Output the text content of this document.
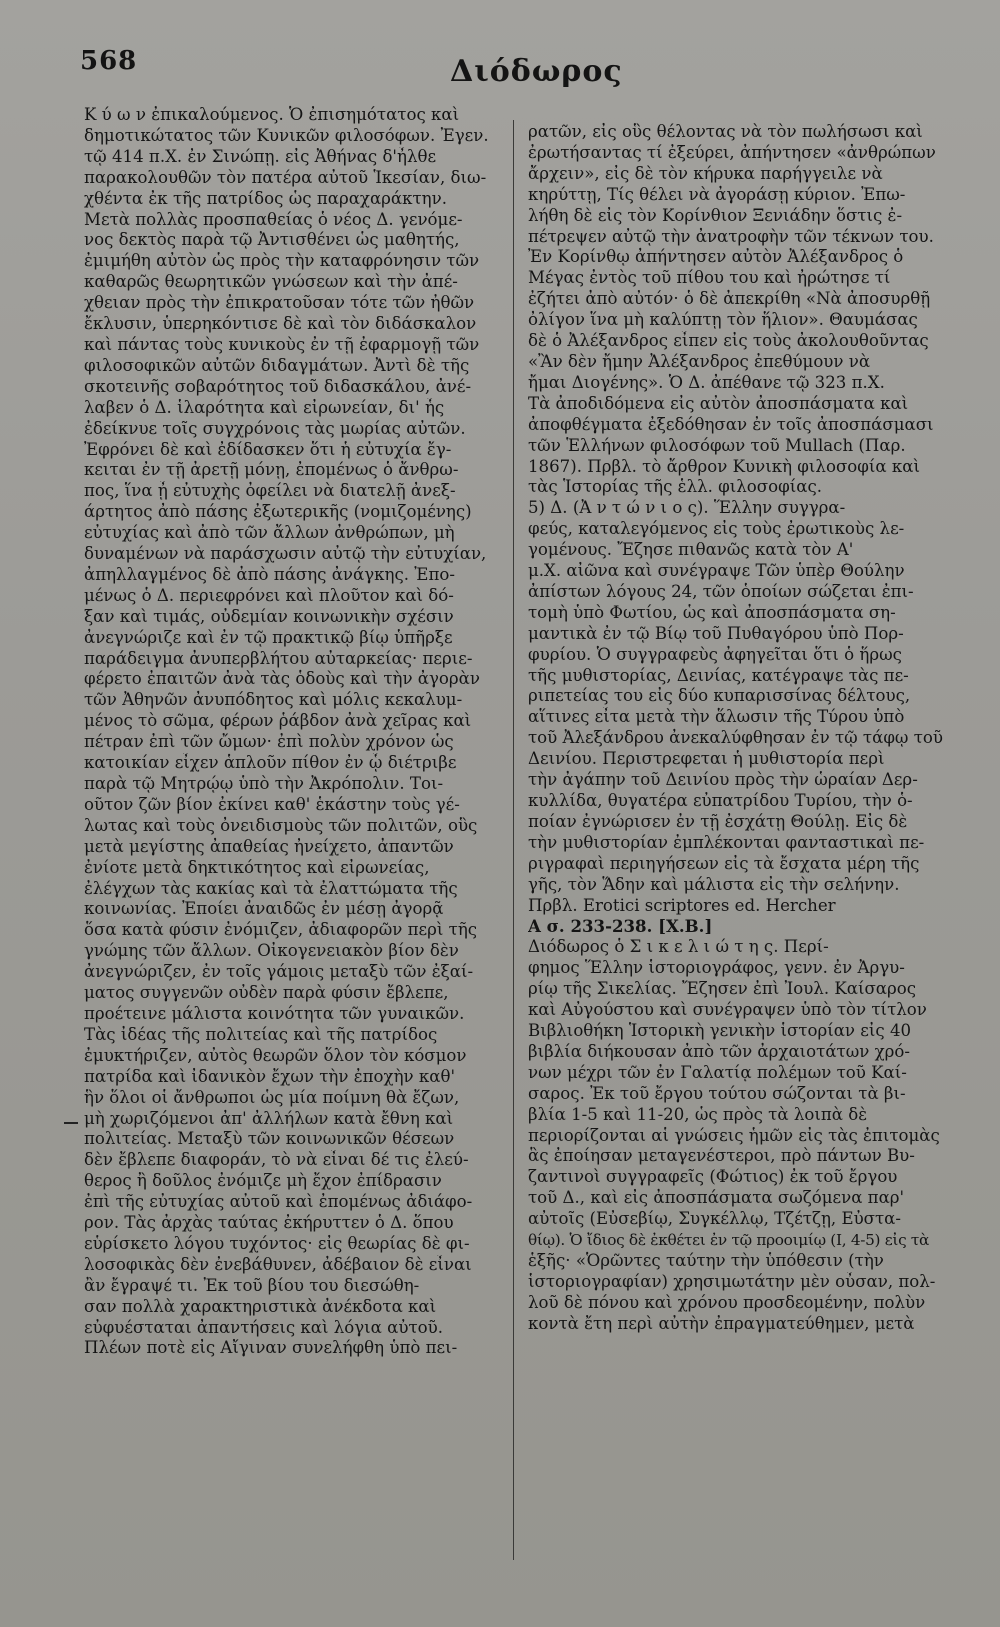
568	Διόδωρος
Κ ύ ω ν ἐπικαλούμενος. Ὁ ἐπισημότατος καὶ
δημοτικώτατος τῶν Κυνικῶν φιλοσόφων. Ἐγεν.
τῷ 414 π.Χ. ἐν Σινώπῃ. εἰς Ἀθήνας δ'ἦλθε
παρακολουθῶν τὸν πατέρα αὐτοῦ Ἱκεσίαν, διω-
χθέντα ἐκ τῆς πατρίδος ὡς παραχαράκτην.
Μετὰ πολλὰς προσπαθείας ὁ νέος Δ. γενόμε-
νος δεκτὸς παρὰ τῷ Ἀντισθένει ὡς μαθητής,
ἐμιμήθη αὐτὸν ὡς πρὸς τὴν καταφρόνησιν τῶν
καθαρῶς θεωρητικῶν γνώσεων καὶ τὴν ἀπέ-
χθειαν πρὸς τὴν ἐπικρατοῦσαν τότε τῶν ἠθῶν
ἔκλυσιν, ὑπερηκόντισε δὲ καὶ τὸν διδάσκαλον
καὶ πάντας τοὺς κυνικοὺς ἐν τῇ ἐφαρμογῇ τῶν
φιλοσοφικῶν αὐτῶν διδαγμάτων. Ἀντὶ δὲ τῆς
σκοτεινῆς σοβαρότητος τοῦ διδασκάλου, ἀνέ-
λαβεν ὁ Δ. ἱλαρότητα καὶ εἰρωνείαν, δι' ἧς
ἐδείκνυε τοῖς συγχρόνοις τὰς μωρίας αὐτῶν.
Ἐφρόνει δὲ καὶ ἐδίδασκεν ὅτι ἡ εὐτυχία ἔγ-
κειται ἐν τῇ ἀρετῇ μόνῃ, ἐπομένως ὁ ἄνθρω-
πος, ἵνα ᾖ εὐτυχὴς ὀφείλει νὰ διατελῇ ἀνεξ-
άρτητος ἀπὸ πάσης ἐξωτερικῆς (νομιζομένης)
εὐτυχίας καὶ ἀπὸ τῶν ἄλλων ἀνθρώπων, μὴ
δυναμένων νὰ παράσχωσιν αὐτῷ τὴν εὐτυχίαν,
ἀπηλλαγμένος δὲ ἀπὸ πάσης ἀνάγκης. Ἐπο-
μένως ὁ Δ. περιεφρόνει καὶ πλοῦτον καὶ δό-
ξαν καὶ τιμάς, οὐδεμίαν κοινωνικὴν σχέσιν
ἀνεγνώριζε καὶ ἐν τῷ πρακτικῷ βίῳ ὑπῆρξε
παράδειγμα ἀνυπερβλήτου αὐταρκείας· περιε-
φέρετο ἐπαιτῶν ἀνὰ τὰς ὁδοὺς καὶ τὴν ἀγορὰν
τῶν Ἀθηνῶν ἀνυπόδητος καὶ μόλις κεκαλυμ-
μένος τὸ σῶμα, φέρων ῥάβδον ἀνὰ χεῖρας καὶ
πέτραν ἐπὶ τῶν ὤμων· ἐπὶ πολὺν χρόνον ὡς
κατοικίαν εἶχεν ἁπλοῦν πίθον ἐν ᾧ διέτριβε
παρὰ τῷ Μητρῴῳ ὑπὸ τὴν Ἀκρόπολιν. Τοι-
οῦτον ζῶν βίον ἐκίνει καθ' ἑκάστην τοὺς γέ-
λωτας καὶ τοὺς ὀνειδισμοὺς τῶν πολιτῶν, οὓς
μετὰ μεγίστης ἀπαθείας ἠνείχετο, ἀπαντῶν
ἐνίοτε μετὰ δηκτικότητος καὶ εἰρωνείας,
ἐλέγχων τὰς κακίας καὶ τὰ ἐλαττώματα τῆς
κοινωνίας. Ἐποίει ἀναιδῶς ἐν μέσῃ ἀγορᾷ
ὅσα κατὰ φύσιν ἐνόμιζεν, ἀδιαφορῶν περὶ τῆς
γνώμης τῶν ἄλλων. Οἰκογενειακὸν βίον δὲν
ἀνεγνώριζεν, ἐν τοῖς γάμοις μεταξὺ τῶν ἐξαί-
ματος συγγενῶν οὐδὲν παρὰ φύσιν ἔβλεπε,
προέτεινε μάλιστα κοινότητα τῶν γυναικῶν.
Τὰς ἰδέας τῆς πολιτείας καὶ τῆς πατρίδος
ἐμυκτήριζεν, αὐτὸς θεωρῶν ὅλον τὸν κόσμον
πατρίδα καὶ ἰδανικὸν ἔχων τὴν ἐποχὴν καθ'
ἣν ὅλοι οἱ ἄνθρωποι ὡς μία ποίμνη θὰ ἔζων,
μὴ χωριζόμενοι ἀπ' ἀλλήλων κατὰ ἔθνη καὶ
πολιτείας. Μεταξὺ τῶν κοινωνικῶν θέσεων
δὲν ἔβλεπε διαφοράν, τὸ νὰ εἶναι δέ τις ἐλεύ-
θερος ἢ δοῦλος ἐνόμιζε μὴ ἔχον ἐπίδρασιν
ἐπὶ τῆς εὐτυχίας αὐτοῦ καὶ ἐπομένως ἀδιάφο-
ρον. Τὰς ἀρχὰς ταύτας ἐκήρυττεν ὁ Δ. ὅπου
εὑρίσκετο λόγου τυχόντος· εἰς θεωρίας δὲ φι-
λοσοφικὰς δὲν ἐνεβάθυνεν, ἀδέβαιον δὲ εἶναι
ἂν ἔγραψέ τι. Ἐκ τοῦ βίου του διεσώθη-
σαν πολλὰ χαρακτηριστικὰ ἀνέκδοτα καὶ
εὐφυέσταται ἀπαντήσεις καὶ λόγια αὐτοῦ.
Πλέων ποτὲ εἰς Αἴγιναν συνελήφθη ὑπὸ πει-
ρατῶν, εἰς οὓς θέλοντας νὰ τὸν πωλήσωσι καὶ
ἐρωτήσαντας τί ἐξεύρει, ἀπήντησεν «ἀνθρώπων
ἄρχειν», εἰς δὲ τὸν κήρυκα παρήγγειλε νὰ
κηρύττῃ, Τίς θέλει νὰ ἀγοράσῃ κύριον. Ἐπω-
λήθη δὲ εἰς τὸν Κορίνθιον Ξενιάδην ὅστις ἐ-
πέτρεψεν αὐτῷ τὴν ἀνατροφὴν τῶν τέκνων του.
Ἐν Κορίνθῳ ἀπήντησεν αὐτὸν Ἀλέξανδρος ὁ
Μέγας ἐντὸς τοῦ πίθου του καὶ ἠρώτησε τί
ἐζήτει ἀπὸ αὐτόν· ὁ δὲ ἀπεκρίθη «Νὰ ἀποσυρθῇ
ὀλίγον ἵνα μὴ καλύπτῃ τὸν ἥλιον». Θαυμάσας
δὲ ὁ Ἀλέξανδρος εἶπεν εἰς τοὺς ἀκολουθοῦντας
«Ἂν δὲν ἤμην Ἀλέξανδρος ἐπεθύμουν νὰ
ἤμαι Διογένης». Ὁ Δ. ἀπέθανε τῷ 323 π.Χ.
Τὰ ἀποδιδόμενα εἰς αὐτὸν ἀποσπάσματα καὶ
ἀποφθέγματα ἐξεδόθησαν ἐν τοῖς ἀποσπάσμασι
τῶν Ἑλλήνων φιλοσόφων τοῦ Mullach (Παρ.
1867). Πρβλ. τὸ ἄρθρον Κυνικὴ φιλοσοφία καὶ
τὰς Ἱστορίας τῆς ἑλλ. φιλοσοφίας.
5) Δ. (Ἀ ν τ ώ ν ι ο ς). Ἕλλην συγγρα-
φεύς, καταλεγόμενος εἰς τοὺς ἐρωτικοὺς λε-
γομένους. Ἔζησε πιθανῶς κατὰ τὸν Α'
μ.Χ. αἰῶνα καὶ συνέγραψε Τῶν ὑπὲρ Θούλην
ἀπίστων λόγους 24, τῶν ὁποίων σώζεται ἐπι-
τομὴ ὑπὸ Φωτίου, ὡς καὶ ἀποσπάσματα ση-
μαντικὰ ἐν τῷ Βίῳ τοῦ Πυθαγόρου ὑπὸ Πορ-
φυρίου. Ὁ συγγραφεὺς ἀφηγεῖται ὅτι ὁ ἥρως
τῆς μυθιστορίας, Δεινίας, κατέγραψε τὰς πε-
ριπετείας του εἰς δύο κυπαρισσίνας δέλτους,
αἵτινες εἶτα μετὰ τὴν ἅλωσιν τῆς Τύρου ὑπὸ
τοῦ Ἀλεξάνδρου ἀνεκαλύφθησαν ἐν τῷ τάφῳ τοῦ
Δεινίου. Περιστρεφεται ἡ μυθιστορία περὶ
τὴν ἀγάπην τοῦ Δεινίου πρὸς τὴν ὡραίαν Δερ-
κυλλίδα, θυγατέρα εὐπατρίδου Τυρίου, τὴν ὁ-
ποίαν ἐγνώρισεν ἐν τῇ ἐσχάτῃ Θούλῃ. Εἰς δὲ
τὴν μυθιστορίαν ἐμπλέκονται φανταστικαὶ πε-
ριγραφαὶ περιηγήσεων εἰς τὰ ἔσχατα μέρη τῆς
γῆς, τὸν Ἅδην καὶ μάλιστα εἰς τὴν σελήνην.
Πρβλ. Erotici scriptores ed. Hercher
Α σ. 233-238. [Χ.Β.]
Διόδωρος ὁ Σ ι κ ε λ ι ώ τ η ς. Περί-
φημος Ἕλλην ἱστοριογράφος, γενν. ἐν Ἀργυ-
ρίῳ τῆς Σικελίας. Ἔζησεν ἐπὶ Ἰουλ. Καίσαρος
καὶ Αὐγούστου καὶ συνέγραψεν ὑπὸ τὸν τίτλον
Βιβλιοθήκη Ἱστορικὴ γενικὴν ἱστορίαν εἰς 40
βιβλία διήκουσαν ἀπὸ τῶν ἀρχαιοτάτων χρό-
νων μέχρι τῶν ἐν Γαλατίᾳ πολέμων τοῦ Καί-
σαρος. Ἐκ τοῦ ἔργου τούτου σώζονται τὰ βι-
βλία 1-5 καὶ 11-20, ὡς πρὸς τὰ λοιπὰ δὲ
περιορίζονται αἱ γνώσεις ἡμῶν εἰς τὰς ἐπιτομὰς
ἃς ἐποίησαν μεταγενέστεροι, πρὸ πάντων Βυ-
ζαντινοὶ συγγραφεῖς (Φώτιος) ἐκ τοῦ ἔργου
τοῦ Δ., καὶ εἰς ἀποσπάσματα σωζόμενα παρ'
αὐτοῖς (Εὐσεβίῳ, Συγκέλλῳ, Τζέτζῃ, Εὐστα-
θίῳ). Ὁ ἴδιος δὲ ἐκθέτει ἐν τῷ προοιμίῳ (Ι, 4-5) εἰς τὰ
ἑξῆς· «Ὁρῶντες ταύτην τὴν ὑπόθεσιν (τὴν
ἱστοριογραφίαν) χρησιμωτάτην μὲν οὖσαν, πολ-
λοῦ δὲ πόνου καὶ χρόνου προσδεομένην, πολὺν
κοντὰ ἔτη περὶ αὐτὴν ἐπραγματεύθημεν, μετὰ
